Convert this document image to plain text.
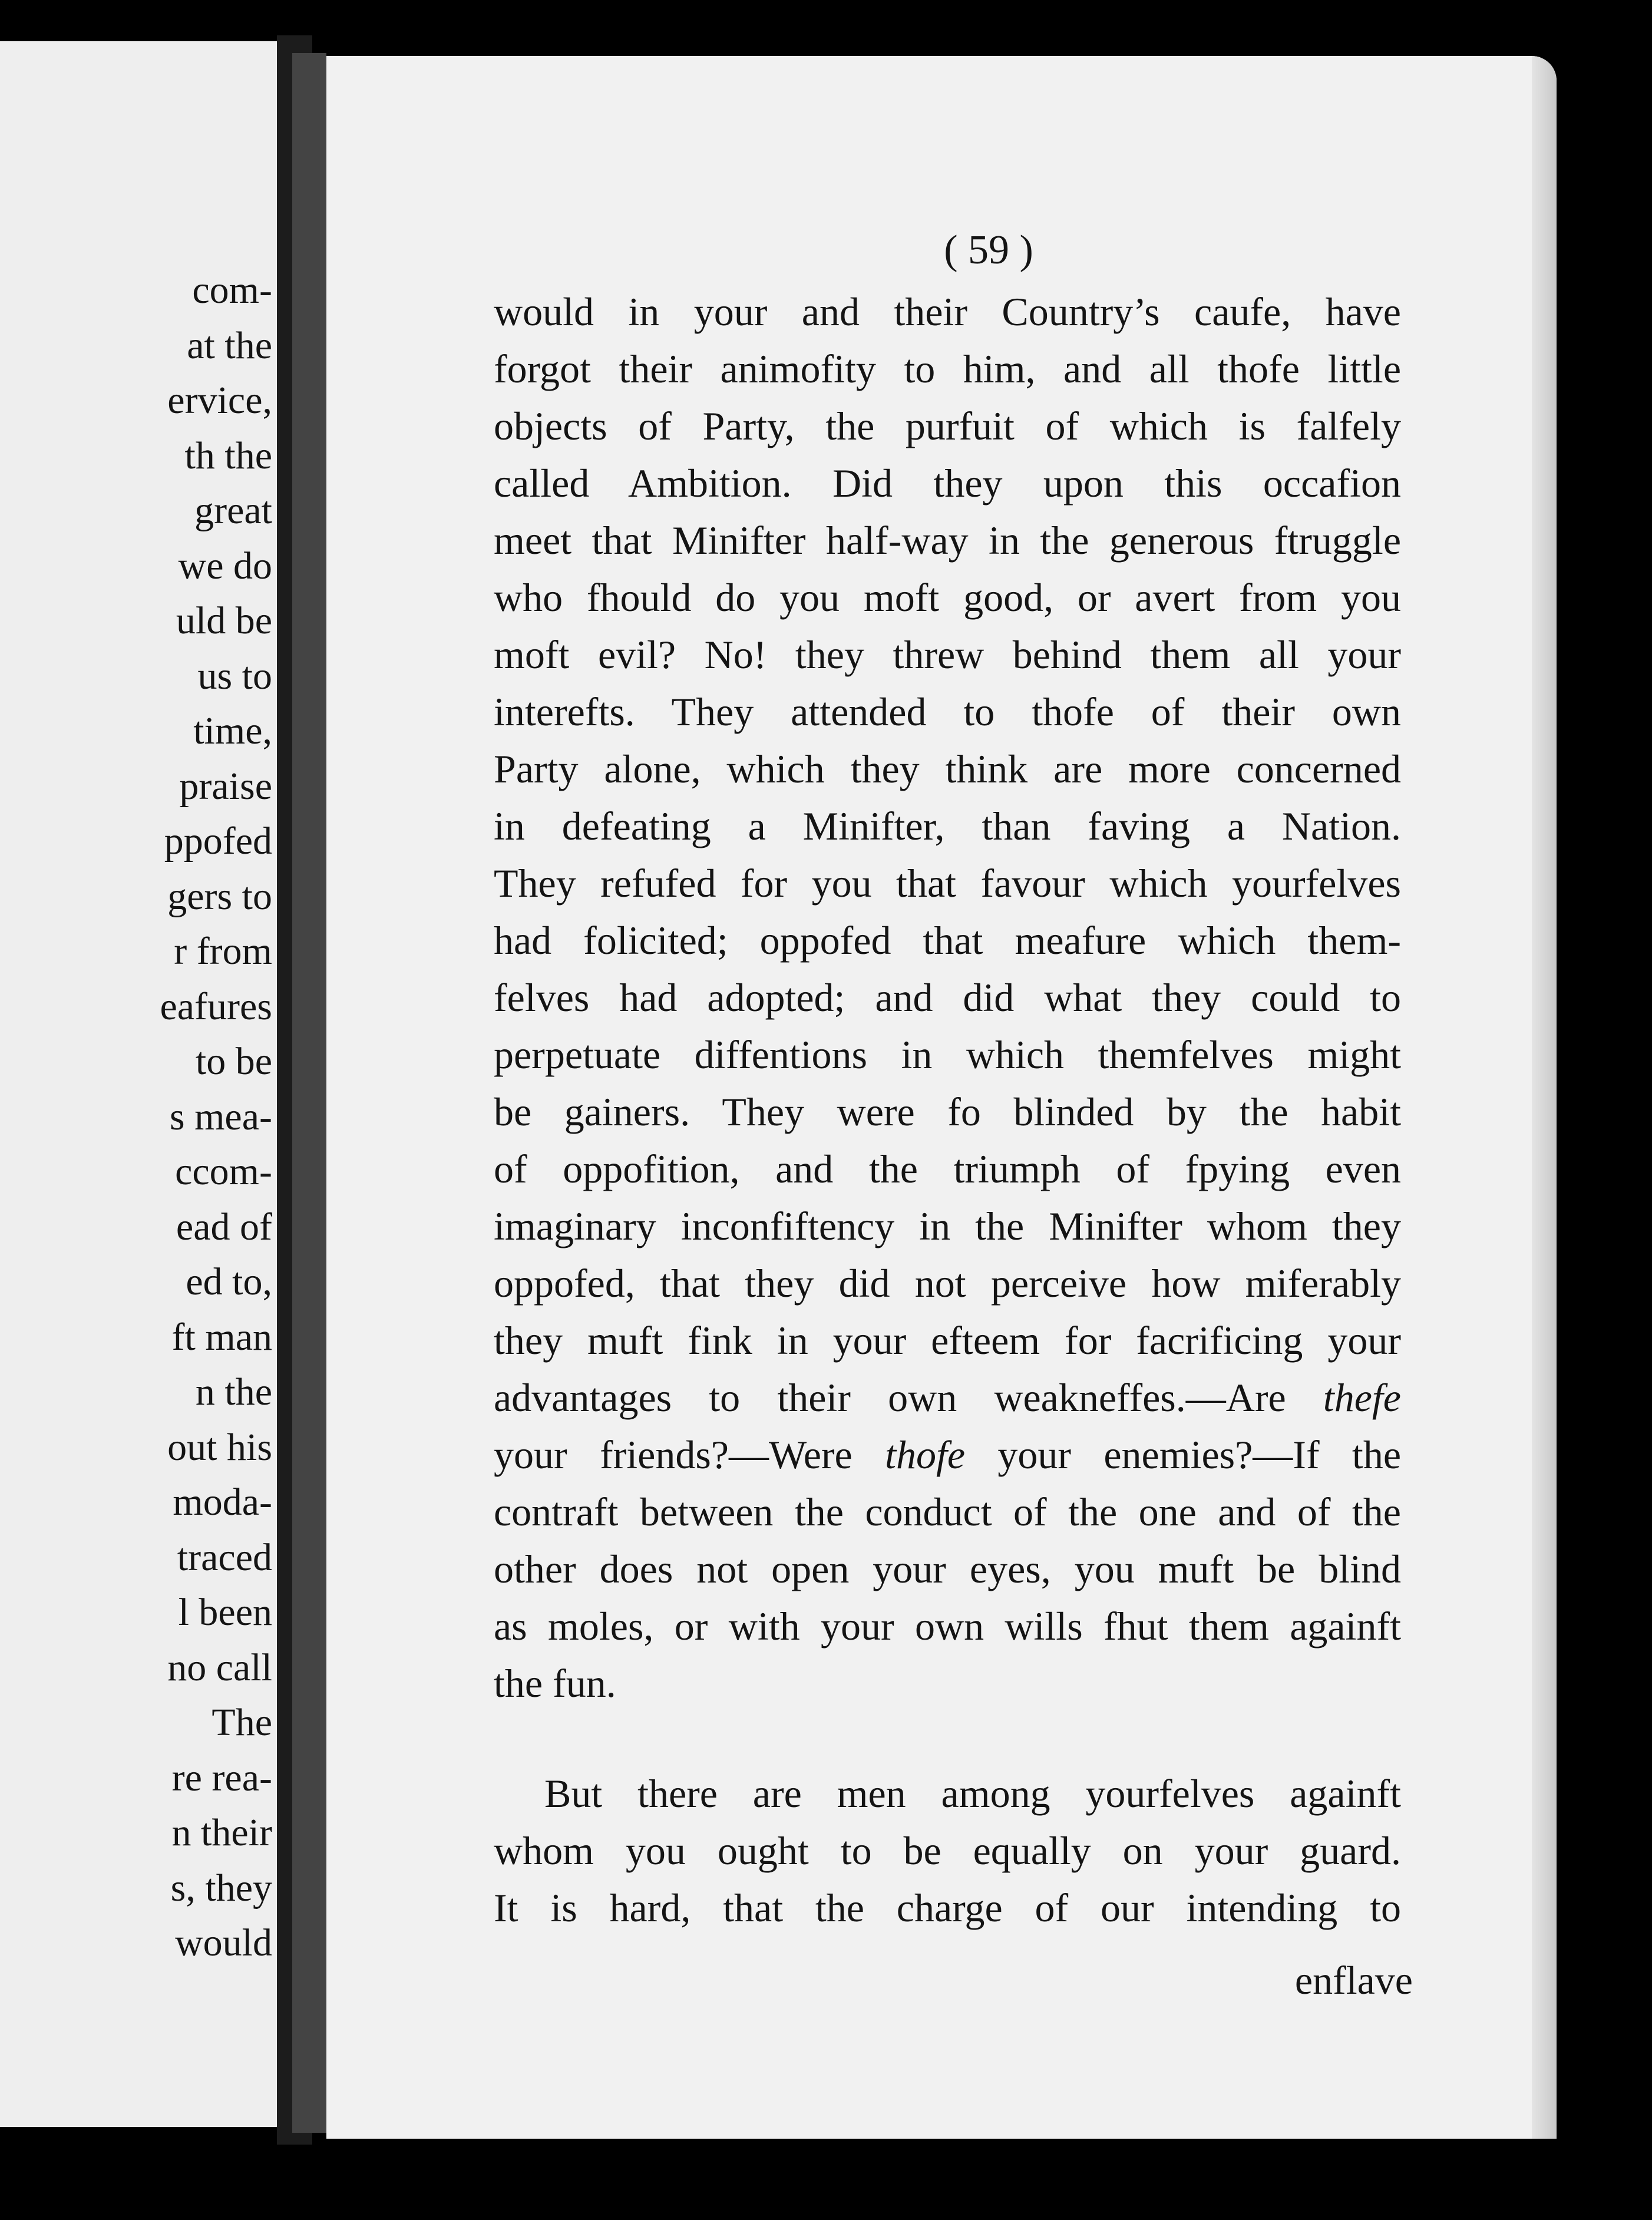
com-
at the
ervice,
th the
great
we do
uld be
us to
time,
praise
ppofed
gers to
r from
eafures
to be
s mea-
ccom-
ead of
ed to,
ft man
n the
out his
moda-
traced
l been
no call
The
re rea-
n their
s, they
would
( 59 )
would in your and their Country’s caufe, have
forgot their animofity to him, and all thofe little
objects of Party, the purfuit of which is falfely
called Ambition. Did they upon this occafion
meet that Minifter half-way in the generous ftruggle
who fhould do you moft good, or avert from you
moft evil? No! they threw behind them all your
interefts. They attended to thofe of their own
Party alone, which they think are more concerned
in defeating a Minifter, than faving a Nation.
They refufed for you that favour which yourfelves
had folicited; oppofed that meafure which them-
felves had adopted; and did what they could to
perpetuate diffentions in which themfelves might
be gainers. They were fo blinded by the habit
of oppofition, and the triumph of fpying even
imaginary inconfiftency in the Minifter whom they
oppofed, that they did not perceive how miferably
they muft fink in your efteem for facrificing your
advantages to their own weakneffes.—Are thefe
your friends?—Were thofe your enemies?—If the
contraft between the conduct of the one and of the
other does not open your eyes, you muft be blind
as moles, or with your own wills fhut them againft
the fun.
But there are men among yourfelves againft
whom you ought to be equally on your guard.
It is hard, that the charge of our intending to
enflave
